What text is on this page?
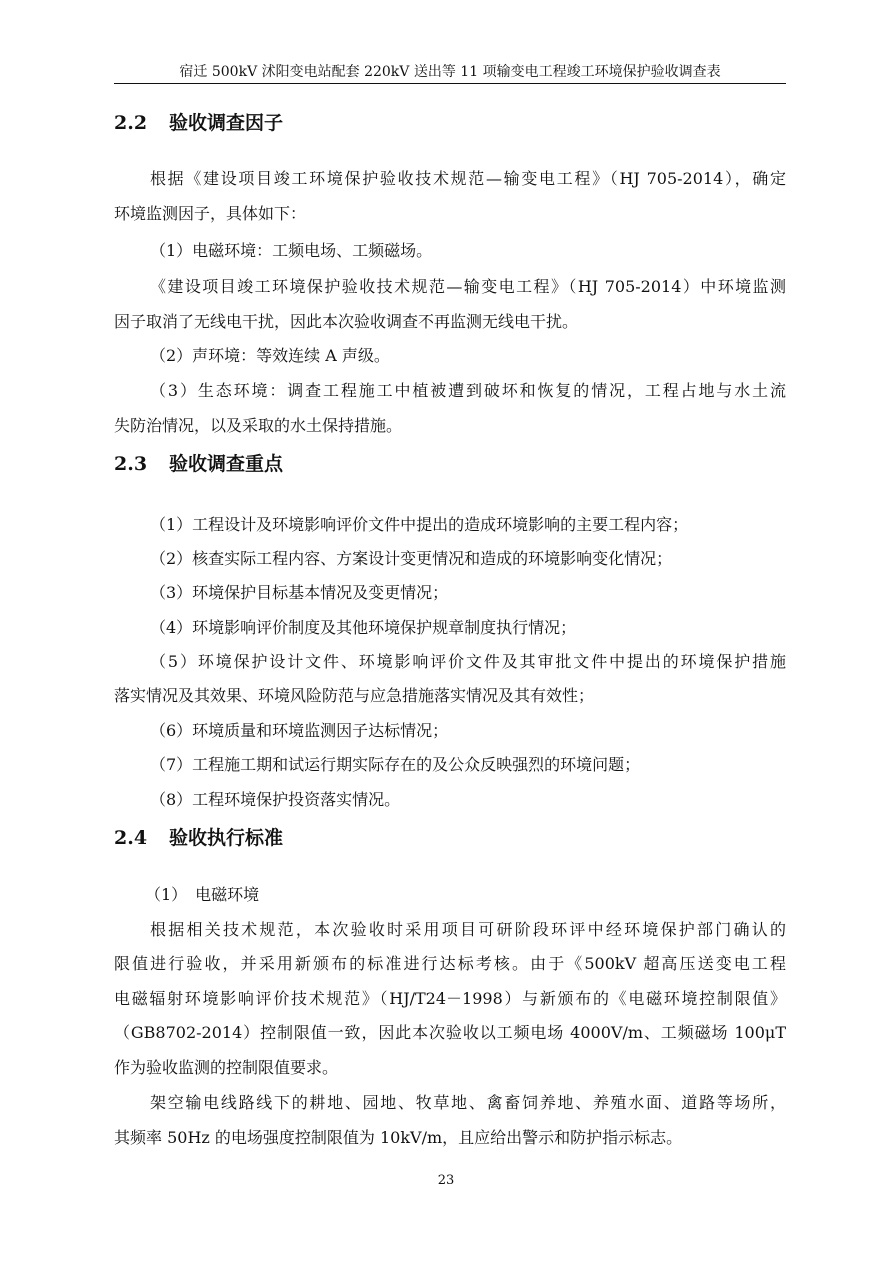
宿迁 500kV 沭阳变电站配套 220kV 送出等 11 项输变电工程竣工环境保护验收调查表
2.2 验收调查因子
根据《建设项目竣工环境保护验收技术规范—输变电工程》（HJ 705-2014），确定
环境监测因子，具体如下：
（1）电磁环境：工频电场、工频磁场。
《建设项目竣工环境保护验收技术规范—输变电工程》（HJ 705-2014）中环境监测
因子取消了无线电干扰，因此本次验收调查不再监测无线电干扰。
（2）声环境：等效连续 A 声级。
（3）生态环境：调查工程施工中植被遭到破坏和恢复的情况，工程占地与水土流
失防治情况，以及采取的水土保持措施。
2.3 验收调查重点
（1）工程设计及环境影响评价文件中提出的造成环境影响的主要工程内容；
（2）核查实际工程内容、方案设计变更情况和造成的环境影响变化情况；
（3）环境保护目标基本情况及变更情况；
（4）环境影响评价制度及其他环境保护规章制度执行情况；
（5）环境保护设计文件、环境影响评价文件及其审批文件中提出的环境保护措施
落实情况及其效果、环境风险防范与应急措施落实情况及其有效性；
（6）环境质量和环境监测因子达标情况；
（7）工程施工期和试运行期实际存在的及公众反映强烈的环境问题；
（8）工程环境保护投资落实情况。
2.4 验收执行标准
（1）　电磁环境
根据相关技术规范，本次验收时采用项目可研阶段环评中经环境保护部门确认的
限值进行验收，并采用新颁布的标准进行达标考核。由于《500kV 超高压送变电工程
电磁辐射环境影响评价技术规范》（HJ/T24－1998）与新颁布的《电磁环境控制限值》
（GB8702-2014）控制限值一致，因此本次验收以工频电场 4000V/m、工频磁场 100μT
作为验收监测的控制限值要求。
架空输电线路线下的耕地、园地、牧草地、禽畜饲养地、养殖水面、道路等场所，
其频率 50Hz 的电场强度控制限值为 10kV/m，且应给出警示和防护指示标志。
23
